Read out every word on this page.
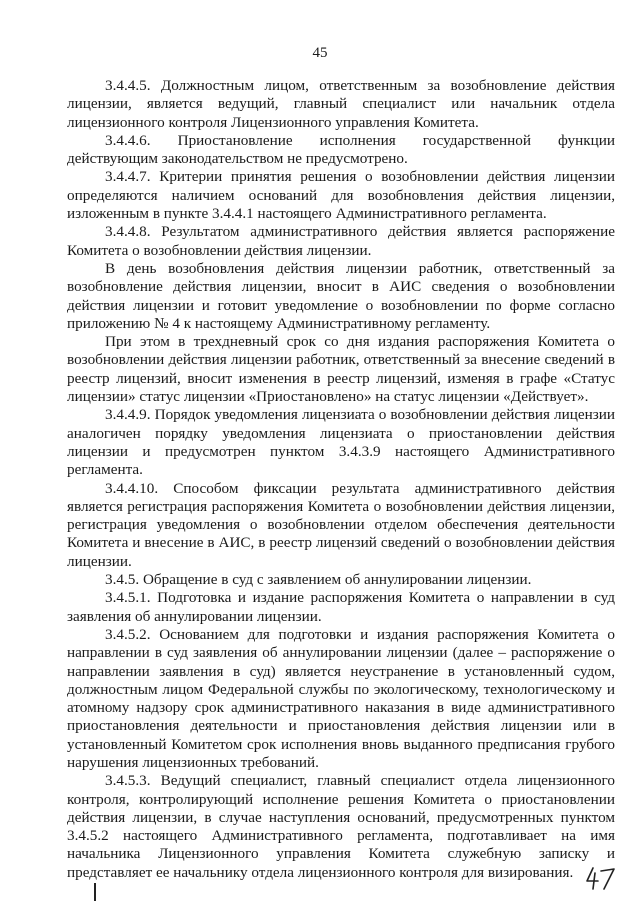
45

3.4.4.5. Должностным лицом, ответственным за возобновление действия лицензии, является ведущий, главный специалист или начальник отдела лицензионного контроля Лицензионного управления Комитета.

3.4.4.6. Приостановление исполнения государственной функции действующим законодательством не предусмотрено.

3.4.4.7. Критерии принятия решения о возобновлении действия лицензии определяются наличием оснований для возобновления действия лицензии, изложенным в пункте 3.4.4.1 настоящего Административного регламента.

3.4.4.8. Результатом административного действия является распоряжение Комитета о возобновлении действия лицензии.

В день возобновления действия лицензии работник, ответственный за возобновление действия лицензии, вносит в АИС сведения о возобновлении действия лицензии и готовит уведомление о возобновлении по форме согласно приложению № 4 к настоящему Административному регламенту.

При этом в трехдневный срок со дня издания распоряжения Комитета о возобновлении действия лицензии работник, ответственный за внесение сведений в реестр лицензий, вносит изменения в реестр лицензий, изменяя в графе «Статус лицензии» статус лицензии «Приостановлено» на статус лицензии «Действует».

3.4.4.9. Порядок уведомления лицензиата о возобновлении действия лицензии аналогичен порядку уведомления лицензиата о приостановлении действия лицензии и предусмотрен пунктом 3.4.3.9 настоящего Административного регламента.

3.4.4.10. Способом фиксации результата административного действия является регистрация распоряжения Комитета о возобновлении действия лицензии, регистрация уведомления о возобновлении отделом обеспечения деятельности Комитета и внесение в АИС, в реестр лицензий сведений о возобновлении действия лицензии.

3.4.5. Обращение в суд с заявлением об аннулировании лицензии.

3.4.5.1. Подготовка и издание распоряжения Комитета о направлении в суд заявления об аннулировании лицензии.

3.4.5.2. Основанием для подготовки и издания распоряжения Комитета о направлении в суд заявления об аннулировании лицензии (далее – распоряжение о направлении заявления в суд) является неустранение в установленный судом, должностным лицом Федеральной службы по экологическому, технологическому и атомному надзору срок административного наказания в виде административного приостановления деятельности и приостановления действия лицензии или в установленный Комитетом срок исполнения вновь выданного предписания грубого нарушения лицензионных требований.

3.4.5.3. Ведущий специалист, главный специалист отдела лицензионного контроля, контролирующий исполнение решения Комитета о приостановлении действия лицензии, в случае наступления оснований, предусмотренных пунктом 3.4.5.2 настоящего Административного регламента, подготавливает на имя начальника Лицензионного управления Комитета служебную записку и представляет ее начальнику отдела лицензионного контроля для визирования.
